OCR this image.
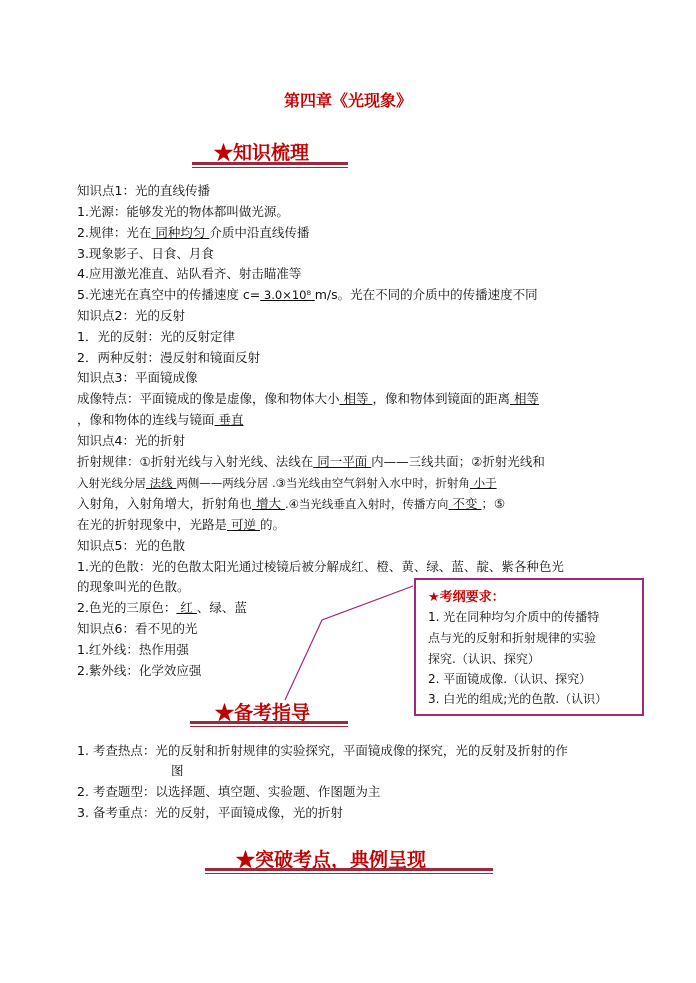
第四章《光现象》
★知识梳理
知识点1：光的直线传播
1.光源：能够发光的物体都叫做光源。
2.规律：光在 同种均匀 介质中沿直线传播
3.现象影子、日食、月食
4.应用激光准直、站队看齐、射击瞄准等
5.光速光在真空中的传播速度 c= 3.0×10⁸ m/s。光在不同的介质中的传播速度不同
知识点2：光的反射
1．光的反射：光的反射定律
2．两种反射：漫反射和镜面反射
知识点3：平面镜成像
成像特点：平面镜成的像是虚像，像和物体大小 相等 ，像和物体到镜面的距离 相等
，像和物体的连线与镜面 垂直
知识点4：光的折射
折射规律：①折射光线与入射光线、法线在 同一平面 内——三线共面；②折射光线和
入射光线分居 法线 两侧——两线分居 .③当光线由空气斜射入水中时，折射角 小于
入射角，入射角增大，折射角也 增大 .④当光线垂直入射时，传播方向 不变 ；⑤
在光的折射现象中，光路是 可逆 的。
知识点5：光的色散
1.光的色散：光的色散太阳光通过棱镜后被分解成红、橙、黄、绿、蓝、靛、紫各种色光
的现象叫光的色散。
2.色光的三原色： 红 、绿、蓝
知识点6：看不见的光
1.红外线：热作用强
2.紫外线：化学效应强
★考纲要求：
1. 光在同种均匀介质中的传播特
点与光的反射和折射规律的实验
探究.（认识、探究）
2. 平面镜成像.（认识、探究）
3. 白光的组成;光的色散.（认识）
★备考指导
1. 考查热点：光的反射和折射规律的实验探究，平面镜成像的探究，光的反射及折射的作
图
2. 考查题型：以选择题、填空题、实验题、作图题为主
3. 备考重点：光的反射，平面镜成像，光的折射
★突破考点，典例呈现
